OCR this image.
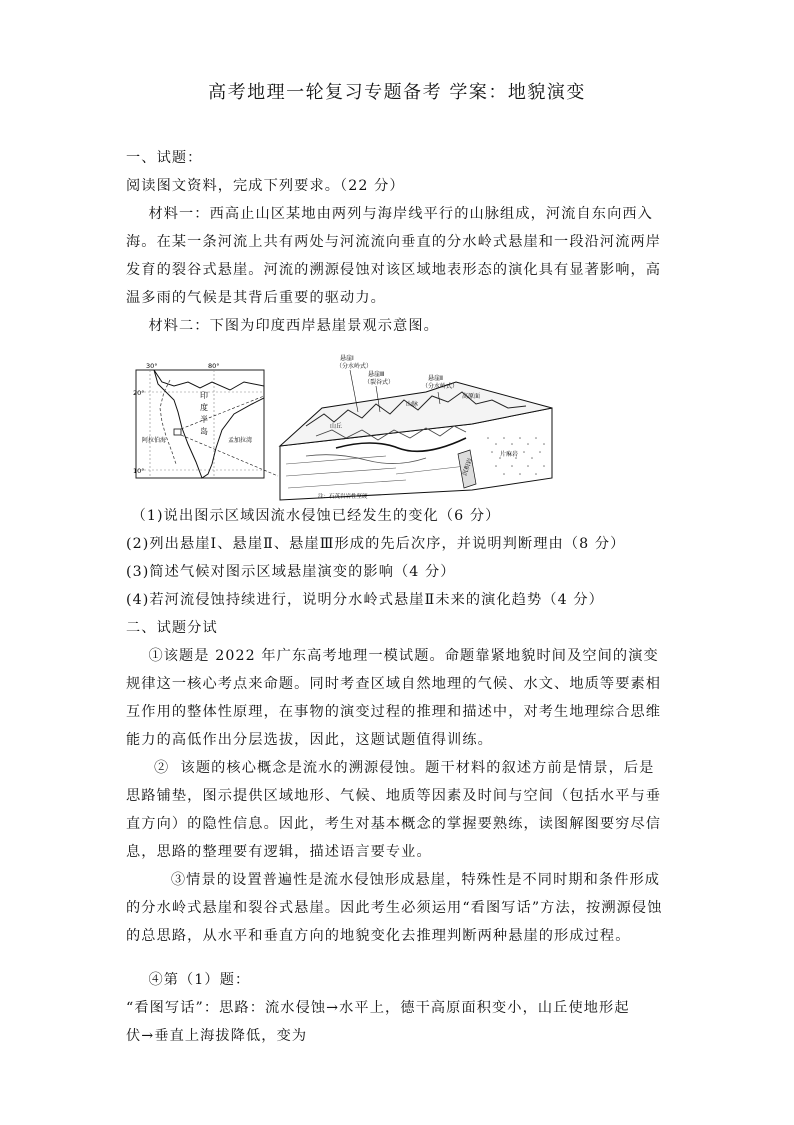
高考地理一轮复习专题备考 学案：地貌演变
一、试题：
阅读图文资料，完成下列要求。（22 分）
材料一：西高止山区某地由两列与海岸线平行的山脉组成，河流自东向西入
海。在某一条河流上共有两处与河流流向垂直的分水岭式悬崖和一段沿河流两岸
发育的裂谷式悬崖。河流的溯源侵蚀对该区域地表形态的演化具有显著影响，高
温多雨的气候是其背后重要的驱动力。
材料二：下图为印度西岸悬崖景观示意图。
30°	80°
20°
10°
印
度
半
岛
阿拉伯海	孟加拉湾
悬崖Ⅰ
（分水岭式）
悬崖Ⅲ
（裂谷式）
悬崖Ⅱ
（分水岭式）
山脉
高原面
山丘
沉积岩
片麻岩
注：石英岩岩性坚硬
（1)说出图示区域因流水侵蚀已经发生的变化（6 分）
(2)列出悬崖Ⅰ、悬崖Ⅱ、悬崖Ⅲ形成的先后次序，并说明判断理由（8 分）
(3)简述气候对图示区域悬崖演变的影响（4 分）
(4)若河流侵蚀持续进行，说明分水岭式悬崖Ⅱ未来的演化趋势（4 分）
二、试题分试
①该题是 2022 年广东高考地理一模试题。命题靠紧地貌时间及空间的演变
规律这一核心考点来命题。同时考查区域自然地理的气候、水文、地质等要素相
互作用的整体性原理，在事物的演变过程的推理和描述中，对考生地理综合思维
能力的高低作出分层选拔，因此，这题试题值得训练。
②  该题的核心概念是流水的溯源侵蚀。题干材料的叙述方前是情景，后是
思路铺垫，图示提供区域地形、气候、地质等因素及时间与空间（包括水平与垂
直方向）的隐性信息。因此，考生对基本概念的掌握要熟练，读图解图要穷尽信
息，思路的整理要有逻辑，描述语言要专业。
③情景的设置普遍性是流水侵蚀形成悬崖，特殊性是不同时期和条件形成
的分水岭式悬崖和裂谷式悬崖。因此考生必须运用“看图写话”方法，按溯源侵蚀
的总思路，从水平和垂直方向的地貌变化去推理判断两种悬崖的形成过程。
④第（1）题：
“看图写话”：思路：流水侵蚀→水平上，德干高原面积变小，山丘使地形起
伏→垂直上海拔降低，变为
